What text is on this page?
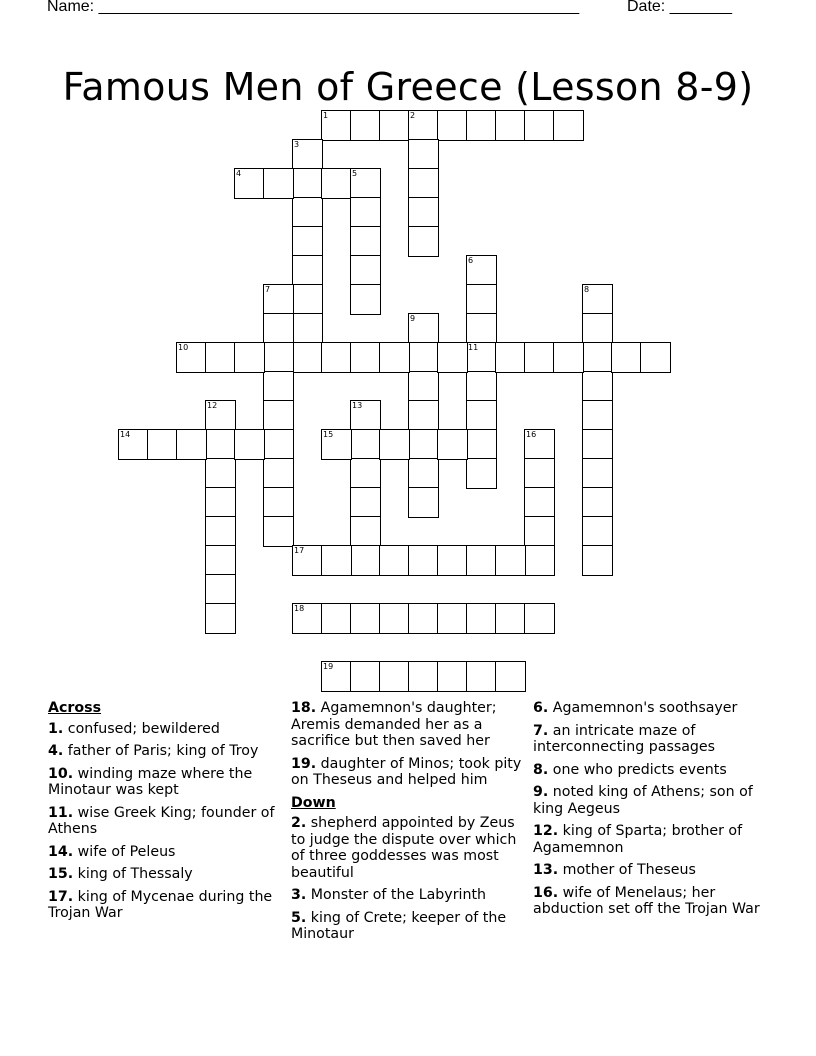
Name: ______________________________________________________	Date: _______
Famous Men of Greece (Lesson 8-9)
1	2
3
4	5
6
11
7	8
9
10
12	13
14	15	16
17
18
19
Across
1. confused; bewildered
4. father of Paris; king of Troy
10. winding maze where the Minotaur was kept
11. wise Greek King; founder of Athens
14. wife of Peleus
15. king of Thessaly
17. king of Mycenae during the Trojan War
18. Agamemnon's daughter; Aremis demanded her as a sacrifice but then saved her
19. daughter of Minos; took pity on Theseus and helped him
Down
2. shepherd appointed by Zeus to judge the dispute over which of three goddesses was most beautiful
3. Monster of the Labyrinth
5. king of Crete; keeper of the Minotaur
6. Agamemnon's soothsayer
7. an intricate maze of interconnecting passages
8. one who predicts events
9. noted king of Athens; son of king Aegeus
12. king of Sparta; brother of Agamemnon
13. mother of Theseus
16. wife of Menelaus; her abduction set off the Trojan War
